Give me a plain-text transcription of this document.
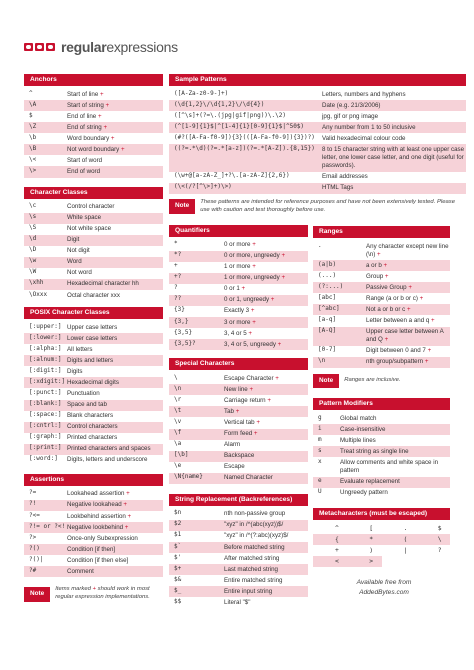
regularexpressions
Anchors
^	Start of line +
\A	Start of string +
$	End of line +
\Z	End of string +
\b	Word boundary +
\B	Not word boundary +
\<	Start of word
\>	End of word
Character Classes
\c	Control character
\s	White space
\S	Not white space
\d	Digit
\D	Not digit
\w	Word
\W	Not word
\xhh	Hexadecimal character hh
\Oxxx	Octal character xxx
POSIX Character Classes
[:upper:] Upper case letters
[:lower:] Lower case letters
[:alpha:] All letters
[:alnum:] Digits and letters
[:digit:] Digits
[:xdigit:] Hexadecimal digits
[:punct:] Punctuation
[:blank:] Space and tab
[:space:] Blank characters
[:cntrl:] Control characters
[:graph:] Printed characters
[:print:] Printed characters and spaces
[:word:]	Digits, letters and underscore
Assertions
?=	Lookahead assertion +
?!	Negative lookahead +
?<=	Lookbehind assertion +
?!= or ?<! Negative lookbehind +
?>	Once-only Subexpression
?()	Condition [if then]
?()|	Condition [if then else]
?#	Comment
Note
Items marked + should work in most regular expression implementations.
Sample Patterns
([A-Za-z0-9-]+)	Letters, numbers and hyphens
(\d{1,2}\/\d{1,2}\/\d{4})	Date (e.g. 21/3/2006)
([^\s]+(?=\.(jpg|gif|png))\.\2)	jpg, gif or png image
(^[1-9]{1}$|^[1-4]{1}[0-9]{1}$|^50$)	Any number from 1 to 50 inclusive
(#?([A-Fa-f0-9]){3}(([A-Fa-f0-9]){3})?)	Valid hexadecimal colour code
((?=.*\d)(?=.*[a-z])(?=.*[A-Z]).{8,15})	8 to 15 character string with at least one upper case letter, one lower case letter, and one digit (useful for passwords).
(\w+@[a-zA-Z_]+?\.[a-zA-Z]{2,6})	Email addresses
(\<(/?[^\>]+)\>)	HTML Tags
Note
These patterns are intended for reference purposes and have not been extensively tested. Please use with caution and test thoroughly before use.
Quantifiers
*	0 or more +
*?	0 or more, ungreedy +
+	1 or more +
+?	1 or more, ungreedy +
?	0 or 1 +
??	0 or 1, ungreedy +
{3}	Exactly 3 +
{3,}	3 or more +
{3,5}	3, 4 or 5 +
{3,5}?	3, 4 or 5, ungreedy +
Special Characters
\	Escape Character +
\n	New line +
\r	Carriage return +
\t	Tab +
\v	Vertical tab +
\f	Form feed +
\a	Alarm
[\b]	Backspace
\e	Escape
\N{name}	Named Character
String Replacement (Backreferences)
$n	nth non-passive group
$2	"xyz" in /^(abc(xyz))$/
$1	"xyz" in /^(?:abc)(xyz)$/
$`	Before matched string
$'	After matched string
$+	Last matched string
$&	Entire matched string
$_	Entire input string
$$	Literal "$"
Ranges
.	Any character except new line (\n) +
(a|b)	a or b +
(...)	Group +
(?:...)	Passive Group +
[abc]	Range (a or b or c) +
[^abc]	Not a or b or c +
[a-q]	Letter between a and q +
[A-Q]	Upper case letter between A and Q +
[0-7]	Digit between 0 and 7 +
\n	nth group/subpattern +
Note	Ranges are inclusive.
Pattern Modifiers
g	Global match
i	Case-insensitive
m	Multiple lines
s	Treat string as single line
x	Allow comments and white space in pattern
e	Evaluate replacement
U	Ungreedy pattern
Metacharacters (must be escaped)
^	[	.	$
{	*	(	\
+	)	|	?
<	>
Available free from
AddedBytes.com
